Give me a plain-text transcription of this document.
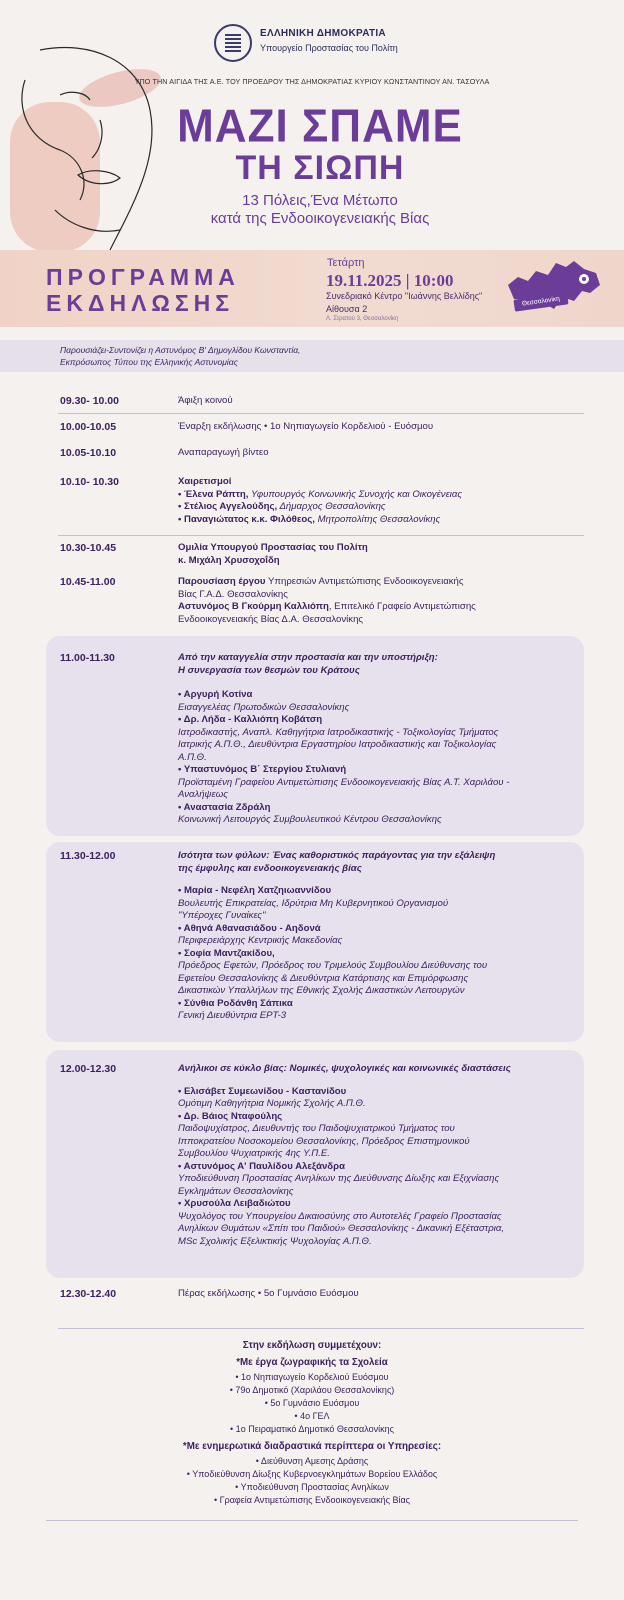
ΕΛΛΗΝΙΚΗ ΔΗΜΟΚΡΑΤΙΑ
Υπουργείο Προστασίας του Πολίτη
ΥΠΟ ΤΗΝ ΑΙΓΙΔΑ ΤΗΣ Α.Ε. ΤΟΥ ΠΡΟΕΔΡΟΥ ΤΗΣ ΔΗΜΟΚΡΑΤΙΑΣ ΚΥΡΙΟΥ ΚΩΝΣΤΑΝΤΙΝΟΥ ΑΝ. ΤΑΣΟΥΛΑ
ΜΑΖΙ ΣΠΑΜΕ
ΤΗ ΣΙΩΠΗ
13 Πόλεις,Ένα Μέτωπο
κατά της Ενδοοικογενειακής Βίας
ΠΡΟΓΡΑΜΜΑ
ΕΚΔΗΛΩΣΗΣ
Τετάρτη
19.11.2025 | 10:00
Συνεδριακό Κέντρο "Ιωάννης Βελλίδης"
Αίθουσα 2
Λ. Στρατού 3, Θεσσαλονίκη
Θεσσαλονίκη
Παρουσιάζει-Συντονίζει η Αστυνόμος Β' Δημογλίδου Κωνσταντία,
Εκπρόσωπος Τύπου της Ελληνικής Αστυνομίας
09.30- 10.00	Άφιξη κοινού
10.00-10.05	Έναρξη εκδήλωσης • 1ο Νηπιαγωγείο Κορδελιού - Ευόσμου
10.05-10.10	Αναπαραγωγή βίντεο
10.10- 10.30	Χαιρετισμοί
• Έλενα Ράπτη, Υφυπουργός Κοινωνικής Συνοχής και Οικογένειας
• Στέλιος Αγγελούδης, Δήμαρχος Θεσσαλονίκης
• Παναγιώτατος κ.κ. Φιλόθεος, Μητροπολίτης Θεσσαλονίκης
10.30-10.45	Ομιλία Υπουργού Προστασίας του Πολίτη
κ. Μιχάλη Χρυσοχοΐδη
10.45-11.00	Παρουσίαση έργου Υπηρεσιών Αντιμετώπισης Ενδοοικογενειακής
Βίας Γ.Α.Δ. Θεσσαλονίκης
Αστυνόμος Β Γκούρμη Καλλιόπη, Επιτελικό Γραφείο Αντιμετώπισης
Ενδοοικογενειακής Βίας Δ.Α. Θεσσαλονίκης
11.00-11.30	Από την καταγγελία στην προστασία και την υποστήριξη:
Η συνεργασία των θεσμών του Κράτους
• Αργυρή Κοτίνα
Εισαγγελέας Πρωτοδικών Θεσσαλονίκης
• Δρ. Λήδα - Καλλιόπη Κοβάτση
Ιατροδικαστής, Αναπλ. Καθηγήτρια Ιατροδικαστικής - Τοξικολογίας Τμήματος
Ιατρικής Α.Π.Θ., Διευθύντρια Εργαστηρίου Ιατροδικαστικής και Τοξικολογίας
Α.Π.Θ.
• Υπαστυνόμος Β΄ Στεργίου Στυλιανή
Προϊσταμένη Γραφείου Αντιμετώπισης Ενδοοικογενειακής Βίας Α.Τ. Χαριλάου -
Αναλήψεως
• Αναστασία Ζδράλη
Κοινωνική Λειτουργός Συμβουλευτικού Κέντρου Θεσσαλονίκης
11.30-12.00	Ισότητα των φύλων: Ένας καθοριστικός παράγοντας για την εξάλειψη
της έμφυλης και ενδοοικογενειακής βίας
• Μαρία - Νεφέλη Χατζηιωαννίδου
Βουλευτής Επικρατείας, Ιδρύτρια Μη Κυβερνητικού Οργανισμού
"Υπέροχες Γυναίκες"
• Αθηνά Αθανασιάδου - Αηδονά
Περιφερειάρχης Κεντρικής Μακεδονίας
• Σοφία Μαντζακίδου,
Πρόεδρος Εφετών, Πρόεδρος του Τριμελούς Συμβουλίου Διεύθυνσης του
Εφετείου Θεσσαλονίκης & Διευθύντρια Κατάρτισης και Επιμόρφωσης
Δικαστικών Υπαλλήλων της Εθνικής Σχολής Δικαστικών Λειτουργών
• Σύνθια Ροδάνθη Σάπικα
Γενική Διευθύντρια ΕΡΤ-3
12.00-12.30	Ανήλικοι σε κύκλο βίας: Νομικές, ψυχολογικές και κοινωνικές διαστάσεις
• Ελισάβετ Συμεωνίδου - Καστανίδου
Ομότιμη Καθηγήτρια Νομικής Σχολής Α.Π.Θ.
• Δρ. Βάιος Νταφούλης
Παιδοψυχίατρος, Διευθυντής του Παιδοψυχιατρικού Τμήματος του
Ιπποκρατείου Νοσοκομείου Θεσσαλονίκης, Πρόεδρος Επιστημονικού
Συμβουλίου Ψυχιατρικής 4ης Υ.Π.Ε.
• Αστυνόμος Α' Παυλίδου Αλεξάνδρα
Υποδιεύθυνση Προστασίας Ανηλίκων της Διεύθυνσης Δίωξης και Εξιχνίασης
Εγκλημάτων Θεσσαλονίκης
• Χρυσούλα Λειβαδιώτου
Ψυχολόγος του Υπουργείου Δικαιοσύνης στο Αυτοτελές Γραφείο Προστασίας
Ανηλίκων Θυμάτων «Σπίτι του Παιδιού» Θεσσαλονίκης - Δικανική Εξέταστρια,
MSc Σχολικής Εξελικτικής Ψυχολογίας Α.Π.Θ.
12.30-12.40	Πέρας εκδήλωσης • 5ο Γυμνάσιο Ευόσμου
Στην εκδήλωση συμμετέχουν:
*Με έργα ζωγραφικής τα Σχολεία
• 1ο Νηπιαγωγείο Κορδελιού Ευόσμου
• 79ο Δημοτικό (Χαριλάου Θεσσαλονίκης)
• 5ο Γυμνάσιο Ευόσμου
• 4ο ΓΕΛ
• 1ο Πειραματικό Δημοτικό Θεσσαλονίκης
*Με ενημερωτικά διαδραστικά περίπτερα οι Υπηρεσίες:
• Διεύθυνση Αμεσης Δράσης
• Υποδιεύθυνση Δίωξης Κυβερνοεγκλημάτων Βορείου Ελλάδος
• Υποδιεύθυνση Προστασίας Ανηλίκων
• Γραφεία Αντιμετώπισης Ενδοοικογενειακής Βίας
